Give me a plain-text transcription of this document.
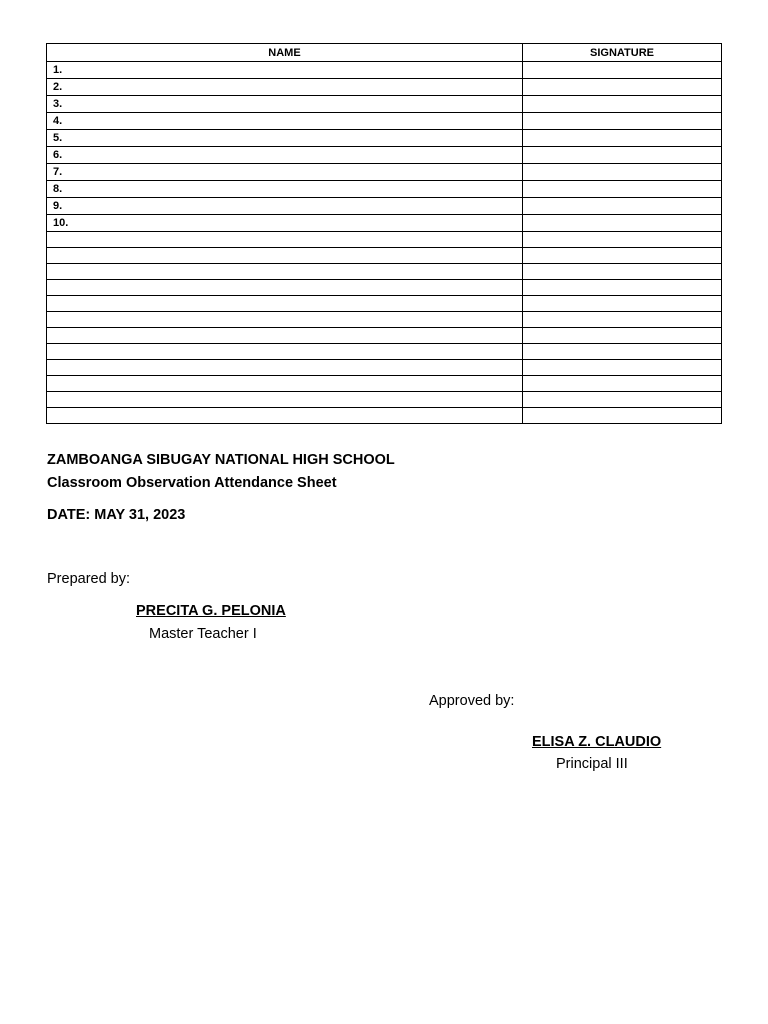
NAME	SIGNATURE
1.	
2.	
3.	
4.	
5.	
6.	
7.	
8.	
9.	
10.	

ZAMBOANGA SIBUGAY NATIONAL HIGH SCHOOL
Classroom Observation Attendance Sheet
DATE: MAY 31, 2023
Prepared by:
PRECITA G. PELONIA
Master Teacher I
Approved by:
ELISA Z. CLAUDIO
Principal III
